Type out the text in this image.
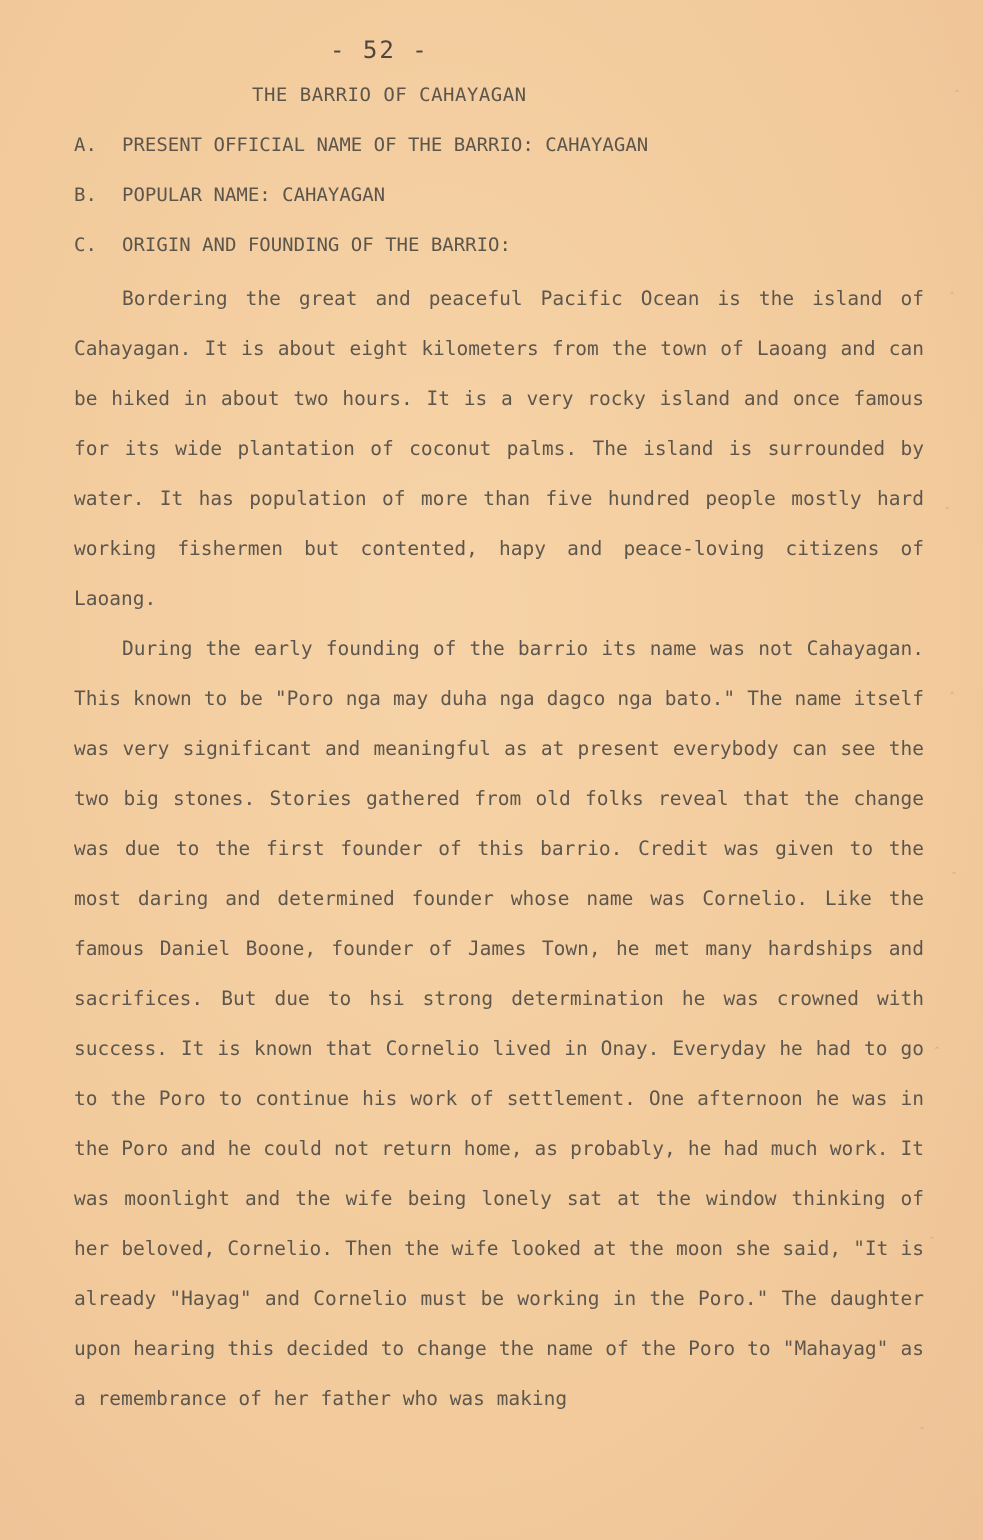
- 52 -
THE BARRIO OF CAHAYAGAN
A. PRESENT OFFICIAL NAME OF THE BARRIO: CAHAYAGAN
B. POPULAR NAME: CAHAYAGAN
C. ORIGIN AND FOUNDING OF THE BARRIO:

Bordering the great and peaceful Pacific Ocean is the island of Cahayagan. It is about eight kilometers from the town of Laoang and can be hiked in about two hours. It is a very rocky island and once famous for its wide plantation of coconut palms. The island is surrounded by water. It has population of more than five hundred people mostly hard working fishermen but contented, hapy and peace-loving citizens of Laoang.

During the early founding of the barrio its name was not Cahayagan. This known to be "Poro nga may duha nga dagco nga bato." The name itself was very significant and meaningful as at present everybody can see the two big stones. Stories gathered from old folks reveal that the change was due to the first founder of this barrio. Credit was given to the most daring and determined founder whose name was Cornelio. Like the famous Daniel Boone, founder of James Town, he met many hardships and sacrifices. But due to hsi strong determination he was crowned with success. It is known that Cornelio lived in Onay. Everyday he had to go to the Poro to continue his work of settlement. One afternoon he was in the Poro and he could not return home, as probably, he had much work. It was moonlight and the wife being lonely sat at the window thinking of her beloved, Cornelio. Then the wife looked at the moon she said, "It is already "Hayag" and Cornelio must be working in the Poro." The daughter upon hearing this decided to change the name of the Poro to "Mahayag" as a remembrance of her father who was making

‸
‸
‸
‸
‸
‸
‸
‸
